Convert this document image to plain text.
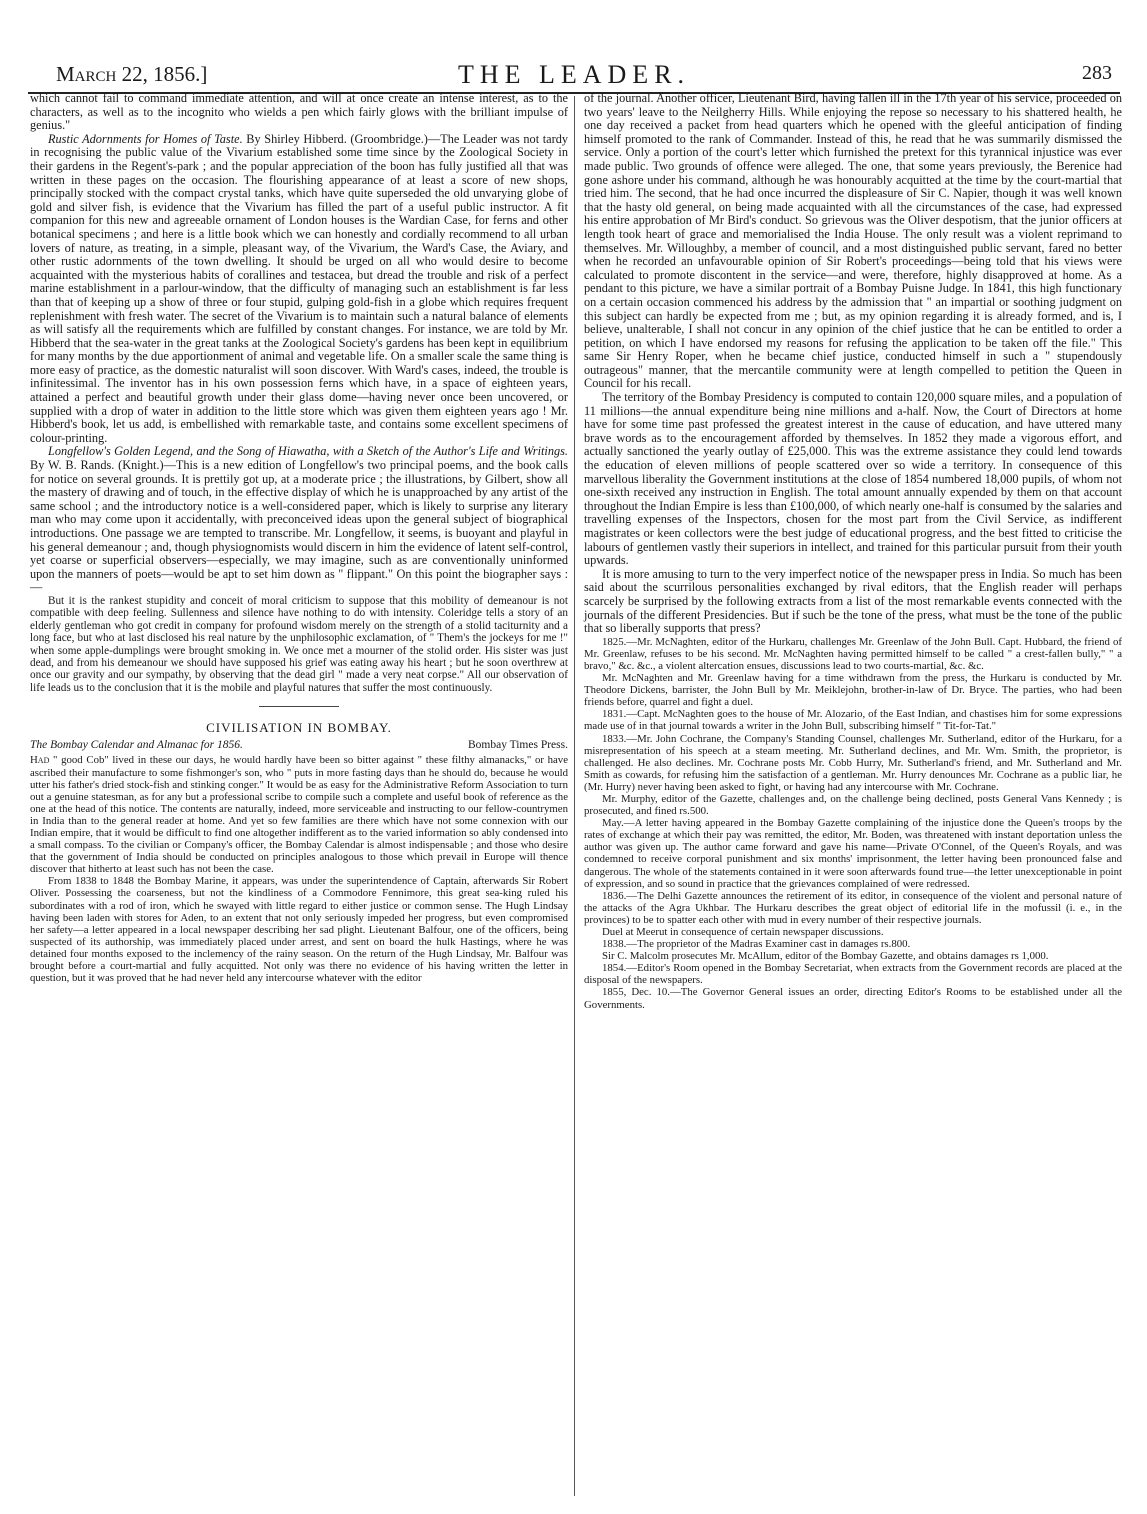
March 22, 1856.]	THE LEADER.	283

which cannot fail to command immediate attention, and will at once create an intense interest, as to the characters, as well as to the incognito who wields a pen which fairly glows with the brilliant impulse of genius."

Rustic Adornments for Homes of Taste. By Shirley Hibberd. (Groombridge.)—The Leader was not tardy in recognising the public value of the Vivarium established some time since by the Zoological Society in their gardens in the Regent's-park ; and the popular appreciation of the boon has fully justified all that was written in these pages on the occasion. The flourishing appearance of at least a score of new shops, principally stocked with the compact crystal tanks, which have quite superseded the old unvarying globe of gold and silver fish, is evidence that the Vivarium has filled the part of a useful public instructor. A fit companion for this new and agreeable ornament of London houses is the Wardian Case, for ferns and other botanical specimens ; and here is a little book which we can honestly and cordially recommend to all urban lovers of nature, as treating, in a simple, pleasant way, of the Vivarium, the Ward's Case, the Aviary, and other rustic adornments of the town dwelling. It should be urged on all who would desire to become acquainted with the mysterious habits of corallines and testacea, but dread the trouble and risk of a perfect marine establishment in a parlour-window, that the difficulty of managing such an establishment is far less than that of keeping up a show of three or four stupid, gulping gold-fish in a globe which requires frequent replenishment with fresh water. The secret of the Vivarium is to maintain such a natural balance of elements as will satisfy all the requirements which are fulfilled by constant changes. For instance, we are told by Mr. Hibberd that the sea-water in the great tanks at the Zoological Society's gardens has been kept in equilibrium for many months by the due apportionment of animal and vegetable life. On a smaller scale the same thing is more easy of practice, as the domestic naturalist will soon discover. With Ward's cases, indeed, the trouble is infinitessimal. The inventor has in his own possession ferns which have, in a space of eighteen years, attained a perfect and beautiful growth under their glass dome—having never once been uncovered, or supplied with a drop of water in addition to the little store which was given them eighteen years ago ! Mr. Hibberd's book, let us add, is embellished with remarkable taste, and contains some excellent specimens of colour-printing.

Longfellow's Golden Legend, and the Song of Hiawatha, with a Sketch of the Author's Life and Writings. By W. B. Rands. (Knight.)—This is a new edition of Longfellow's two principal poems, and the book calls for notice on several grounds. It is prettily got up, at a moderate price ; the illustrations, by Gilbert, show all the mastery of drawing and of touch, in the effective display of which he is unapproached by any artist of the same school ; and the introductory notice is a well-considered paper, which is likely to surprise any literary man who may come upon it accidentally, with preconceived ideas upon the general subject of biographical introductions. One passage we are tempted to transcribe. Mr. Longfellow, it seems, is buoyant and playful in his general demeanour ; and, though physiognomists would discern in him the evidence of latent self-control, yet coarse or superficial observers—especially, we may imagine, such as are conventionally uninformed upon the manners of poets—would be apt to set him down as " flippant." On this point the biographer says :—

But it is the rankest stupidity and conceit of moral criticism to suppose that this mobility of demeanour is not compatible with deep feeling. Sullenness and silence have nothing to do with intensity. Coleridge tells a story of an elderly gentleman who got credit in company for profound wisdom merely on the strength of a stolid taciturnity and a long face, but who at last disclosed his real nature by the unphilosophic exclamation, of " Them's the jockeys for me !" when some apple-dumplings were brought smoking in. We once met a mourner of the stolid order. His sister was just dead, and from his demeanour we should have supposed his grief was eating away his heart ; but he soon overthrew at once our gravity and our sympathy, by observing that the dead girl " made a very neat corpse." All our observation of life leads us to the conclusion that it is the mobile and playful natures that suffer the most continuously.

CIVILISATION IN BOMBAY.
The Bombay Calendar and Almanac for 1856.	Bombay Times Press.

Had " good Cob" lived in these our days, he would hardly have been so bitter against " these filthy almanacks," or have ascribed their manufacture to some fishmonger's son, who " puts in more fasting days than he should do, because he would utter his father's dried stock-fish and stinking conger." It would be as easy for the Administrative Reform Association to turn out a genuine statesman, as for any but a professional scribe to compile such a complete and useful book of reference as the one at the head of this notice. The contents are naturally, indeed, more serviceable and instructing to our fellow-countrymen in India than to the general reader at home. And yet so few families are there which have not some connexion with our Indian empire, that it would be difficult to find one altogether indifferent as to the varied information so ably condensed into a small compass. To the civilian or Company's officer, the Bombay Calendar is almost indispensable ; and those who desire that the government of India should be conducted on principles analogous to those which prevail in Europe will thence discover that hitherto at least such has not been the case.

From 1838 to 1848 the Bombay Marine, it appears, was under the superintendence of Captain, afterwards Sir Robert Oliver. Possessing the coarseness, but not the kindliness of a Commodore Fennimore, this great sea-king ruled his subordinates with a rod of iron, which he swayed with little regard to either justice or common sense. The Hugh Lindsay having been laden with stores for Aden, to an extent that not only seriously impeded her progress, but even compromised her safety—a letter appeared in a local newspaper describing her sad plight. Lieutenant Balfour, one of the officers, being suspected of its authorship, was immediately placed under arrest, and sent on board the hulk Hastings, where he was detained four months exposed to the inclemency of the rainy season. On the return of the Hugh Lindsay, Mr. Balfour was brought before a court-martial and fully acquitted. Not only was there no evidence of his having written the letter in question, but it was proved that he had never held any intercourse whatever with the editor

of the journal. Another officer, Lieutenant Bird, having fallen ill in the 17th year of his service, proceeded on two years' leave to the Neilgherry Hills. While enjoying the repose so necessary to his shattered health, he one day received a packet from head quarters which he opened with the gleeful anticipation of finding himself promoted to the rank of Commander. Instead of this, he read that he was summarily dismissed the service. Only a portion of the court's letter which furnished the pretext for this tyrannical injustice was ever made public. Two grounds of offence were alleged. The one, that some years previously, the Berenice had gone ashore under his command, although he was honourably acquitted at the time by the court-martial that tried him. The second, that he had once incurred the displeasure of Sir C. Napier, though it was well known that the hasty old general, on being made acquainted with all the circumstances of the case, had expressed his entire approbation of Mr Bird's conduct. So grievous was the Oliver despotism, that the junior officers at length took heart of grace and memorialised the India House. The only result was a violent reprimand to themselves. Mr. Willoughby, a member of council, and a most distinguished public servant, fared no better when he recorded an unfavourable opinion of Sir Robert's proceedings—being told that his views were calculated to promote discontent in the service—and were, therefore, highly disapproved at home. As a pendant to this picture, we have a similar portrait of a Bombay Puisne Judge. In 1841, this high functionary on a certain occasion commenced his address by the admission that " an impartial or soothing judgment on this subject can hardly be expected from me ; but, as my opinion regarding it is already formed, and is, I believe, unalterable, I shall not concur in any opinion of the chief justice that he can be entitled to order a petition, on which I have endorsed my reasons for refusing the application to be taken off the file." This same Sir Henry Roper, when he became chief justice, conducted himself in such a " stupendously outrageous" manner, that the mercantile community were at length compelled to petition the Queen in Council for his recall.

The territory of the Bombay Presidency is computed to contain 120,000 square miles, and a population of 11 millions—the annual expenditure being nine millions and a-half. Now, the Court of Directors at home have for some time past professed the greatest interest in the cause of education, and have uttered many brave words as to the encouragement afforded by themselves. In 1852 they made a vigorous effort, and actually sanctioned the yearly outlay of £25,000. This was the extreme assistance they could lend towards the education of eleven millions of people scattered over so wide a territory. In consequence of this marvellous liberality the Government institutions at the close of 1854 numbered 18,000 pupils, of whom not one-sixth received any instruction in English. The total amount annually expended by them on that account throughout the Indian Empire is less than £100,000, of which nearly one-half is consumed by the salaries and travelling expenses of the Inspectors, chosen for the most part from the Civil Service, as indifferent magistrates or keen collectors were the best judge of educational progress, and the best fitted to criticise the labours of gentlemen vastly their superiors in intellect, and trained for this particular pursuit from their youth upwards.

It is more amusing to turn to the very imperfect notice of the newspaper press in India. So much has been said about the scurrilous personalities exchanged by rival editors, that the English reader will perhaps scarcely be surprised by the following extracts from a list of the most remarkable events connected with the journals of the different Presidencies. But if such be the tone of the press, what must be the tone of the public that so liberally supports that press?

1825.—Mr. McNaghten, editor of the Hurkaru, challenges Mr. Greenlaw of the John Bull. Capt. Hubbard, the friend of Mr. Greenlaw, refuses to be his second. Mr. McNaghten having permitted himself to be called " a crest-fallen bully," " a bravo," &c. &c., a violent altercation ensues, discussions lead to two courts-martial, &c. &c.

Mr. McNaghten and Mr. Greenlaw having for a time withdrawn from the press, the Hurkaru is conducted by Mr. Theodore Dickens, barrister, the John Bull by Mr. Meiklejohn, brother-in-law of Dr. Bryce. The parties, who had been friends before, quarrel and fight a duel.

1831.—Capt. McNaghten goes to the house of Mr. Alozario, of the East Indian, and chastises him for some expressions made use of in that journal towards a writer in the John Bull, subscribing himself " Tit-for-Tat."

1833.—Mr. John Cochrane, the Company's Standing Counsel, challenges Mr. Sutherland, editor of the Hurkaru, for a misrepresentation of his speech at a steam meeting. Mr. Sutherland declines, and Mr. Wm. Smith, the proprietor, is challenged. He also declines. Mr. Cochrane posts Mr. Cobb Hurry, Mr. Sutherland's friend, and Mr. Sutherland and Mr. Smith as cowards, for refusing him the satisfaction of a gentleman. Mr. Hurry denounces Mr. Cochrane as a public liar, he (Mr. Hurry) never having been asked to fight, or having had any intercourse with Mr. Cochrane.

Mr. Murphy, editor of the Gazette, challenges and, on the challenge being declined, posts General Vans Kennedy ; is prosecuted, and fined rs.500.

May.—A letter having appeared in the Bombay Gazette complaining of the injustice done the Queen's troops by the rates of exchange at which their pay was remitted, the editor, Mr. Boden, was threatened with instant deportation unless the author was given up. The author came forward and gave his name—Private O'Connel, of the Queen's Royals, and was condemned to receive corporal punishment and six months' imprisonment, the letter having been pronounced false and dangerous. The whole of the statements contained in it were soon afterwards found true—the letter unexceptionable in point of expression, and so sound in practice that the grievances complained of were redressed.

1836.—The Delhi Gazette announces the retirement of its editor, in consequence of the violent and personal nature of the attacks of the Agra Ukhbar. The Hurkaru describes the great object of editorial life in the mofussil (i. e., in the provinces) to be to spatter each other with mud in every number of their respective journals.

Duel at Meerut in consequence of certain newspaper discussions.

1838.—The proprietor of the Madras Examiner cast in damages rs.800.

Sir C. Malcolm prosecutes Mr. McAllum, editor of the Bombay Gazette, and obtains damages rs 1,000.

1854.—Editor's Room opened in the Bombay Secretariat, when extracts from the Government records are placed at the disposal of the newspapers.

1855, Dec. 10.—The Governor General issues an order, directing Editor's Rooms to be established under all the Governments.
